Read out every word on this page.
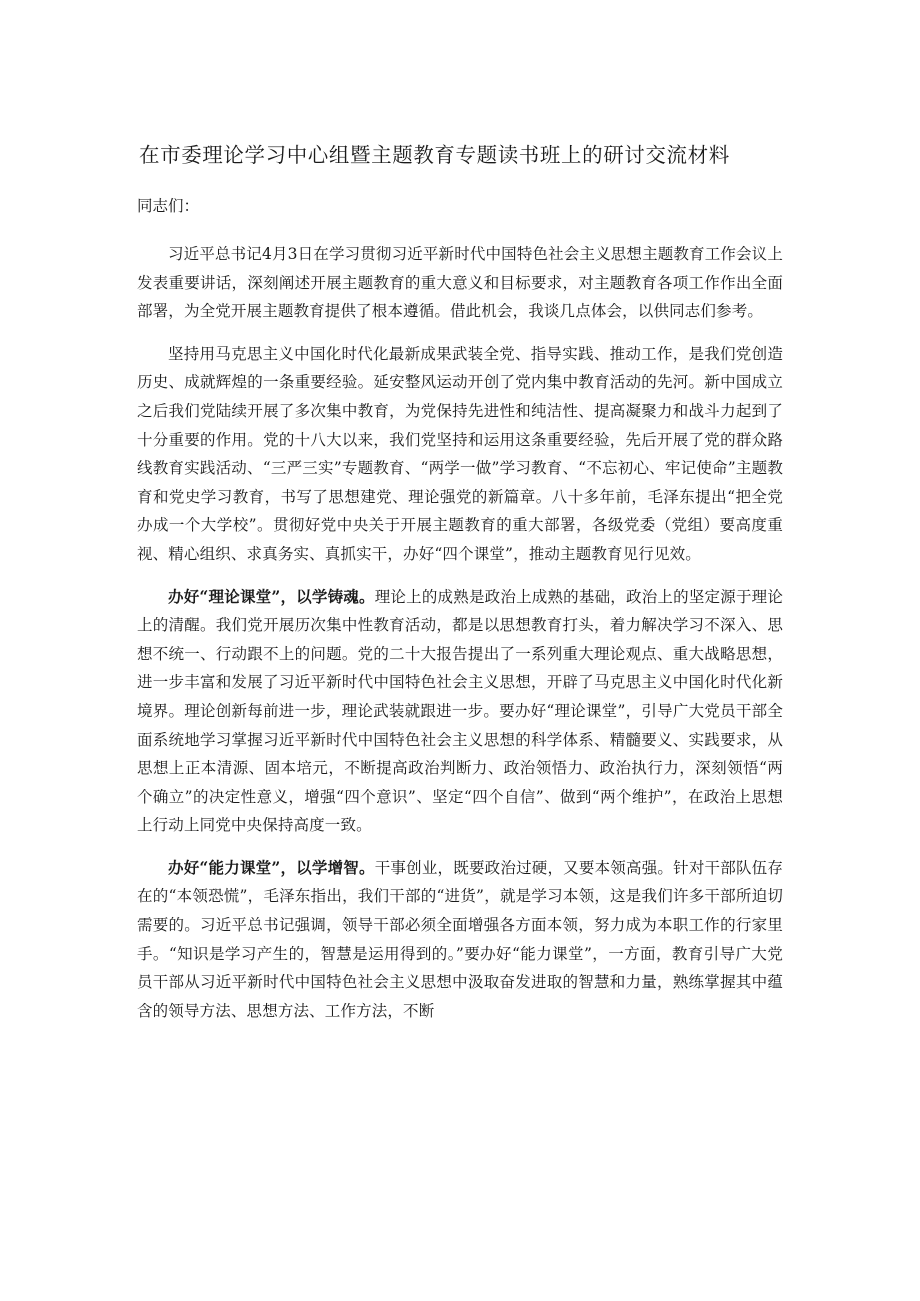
在市委理论学习中心组暨主题教育专题读书班上的研讨交流材料
同志们：

习近平总书记4月3日在学习贯彻习近平新时代中国特色社会主义思想主题教育工作会议上发表重要讲话，深刻阐述开展主题教育的重大意义和目标要求，对主题教育各项工作作出全面部署，为全党开展主题教育提供了根本遵循。借此机会，我谈几点体会，以供同志们参考。

坚持用马克思主义中国化时代化最新成果武装全党、指导实践、推动工作，是我们党创造历史、成就辉煌的一条重要经验。延安整风运动开创了党内集中教育活动的先河。新中国成立之后我们党陆续开展了多次集中教育，为党保持先进性和纯洁性、提高凝聚力和战斗力起到了十分重要的作用。党的十八大以来，我们党坚持和运用这条重要经验，先后开展了党的群众路线教育实践活动、“三严三实”专题教育、“两学一做”学习教育、“不忘初心、牢记使命”主题教育和党史学习教育，书写了思想建党、理论强党的新篇章。八十多年前，毛泽东提出“把全党办成一个大学校”。贯彻好党中央关于开展主题教育的重大部署，各级党委（党组）要高度重视、精心组织、求真务实、真抓实干，办好“四个课堂”，推动主题教育见行见效。

办好“理论课堂”，以学铸魂。理论上的成熟是政治上成熟的基础，政治上的坚定源于理论上的清醒。我们党开展历次集中性教育活动，都是以思想教育打头，着力解决学习不深入、思想不统一、行动跟不上的问题。党的二十大报告提出了一系列重大理论观点、重大战略思想，进一步丰富和发展了习近平新时代中国特色社会主义思想，开辟了马克思主义中国化时代化新境界。理论创新每前进一步，理论武装就跟进一步。要办好“理论课堂”，引导广大党员干部全面系统地学习掌握习近平新时代中国特色社会主义思想的科学体系、精髓要义、实践要求，从思想上正本清源、固本培元，不断提高政治判断力、政治领悟力、政治执行力，深刻领悟“两个确立”的决定性意义，增强“四个意识”、坚定“四个自信”、做到“两个维护”，在政治上思想上行动上同党中央保持高度一致。

办好“能力课堂”，以学增智。干事创业，既要政治过硬，又要本领高强。针对干部队伍存在的“本领恐慌”，毛泽东指出，我们干部的“进货”，就是学习本领，这是我们许多干部所迫切需要的。习近平总书记强调，领导干部必须全面增强各方面本领，努力成为本职工作的行家里手。“知识是学习产生的，智慧是运用得到的。”要办好“能力课堂”，一方面，教育引导广大党员干部从习近平新时代中国特色社会主义思想中汲取奋发进取的智慧和力量，熟练掌握其中蕴含的领导方法、思想方法、工作方法，不断
